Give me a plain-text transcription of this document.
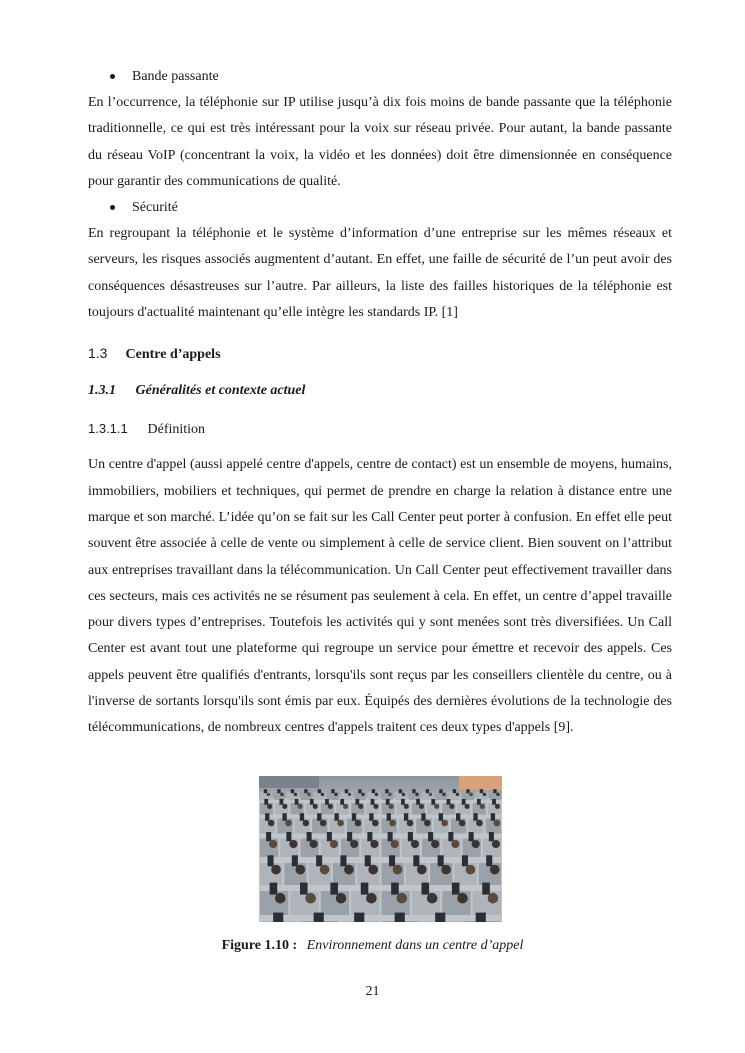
Bande passante

En l’occurrence, la téléphonie sur IP utilise jusqu’à dix fois moins de bande passante que la téléphonie traditionnelle, ce qui est très intéressant pour la voix sur réseau privée. Pour autant, la bande passante du réseau VoIP (concentrant la voix, la vidéo et les données) doit être dimensionnée en conséquence pour garantir des communications de qualité.

Sécurité

En regroupant la téléphonie et le système d’information d’une entreprise sur les mêmes réseaux et serveurs, les risques associés augmentent d’autant. En effet, une faille de sécurité de l’un peut avoir des conséquences désastreuses sur l’autre. Par ailleurs, la liste des failles historiques de la téléphonie est toujours d'actualité maintenant qu’elle intègre les standards IP. [1]

1.3 Centre d’appels
1.3.1 Généralités et contexte actuel
1.3.1.1 Définition

Un centre d'appel (aussi appelé centre d'appels, centre de contact) est un ensemble de moyens, humains, immobiliers, mobiliers et techniques, qui permet de prendre en charge la relation à distance entre une marque et son marché. L’idée qu’on se fait sur les Call Center peut porter à confusion. En effet elle peut souvent être associée à celle de vente ou simplement à celle de service client. Bien souvent on l’attribut aux entreprises travaillant dans la télécommunication. Un Call Center peut effectivement travailler dans ces secteurs, mais ces activités ne se résument pas seulement à cela. En effet, un centre d’appel travaille pour divers types d’entreprises. Toutefois les activités qui y sont menées sont très diversifiées. Un Call Center est avant tout une plateforme qui regroupe un service pour émettre et recevoir des appels. Ces appels peuvent être qualifiés d'entrants, lorsqu'ils sont reçus par les conseillers clientèle du centre, ou à l'inverse de sortants lorsqu'ils sont émis par eux. Équipés des dernières évolutions de la technologie des télécommunications, de nombreux centres d'appels traitent ces deux types d'appels [9].

Figure 1.10 : Environnement dans un centre d’appel
21
